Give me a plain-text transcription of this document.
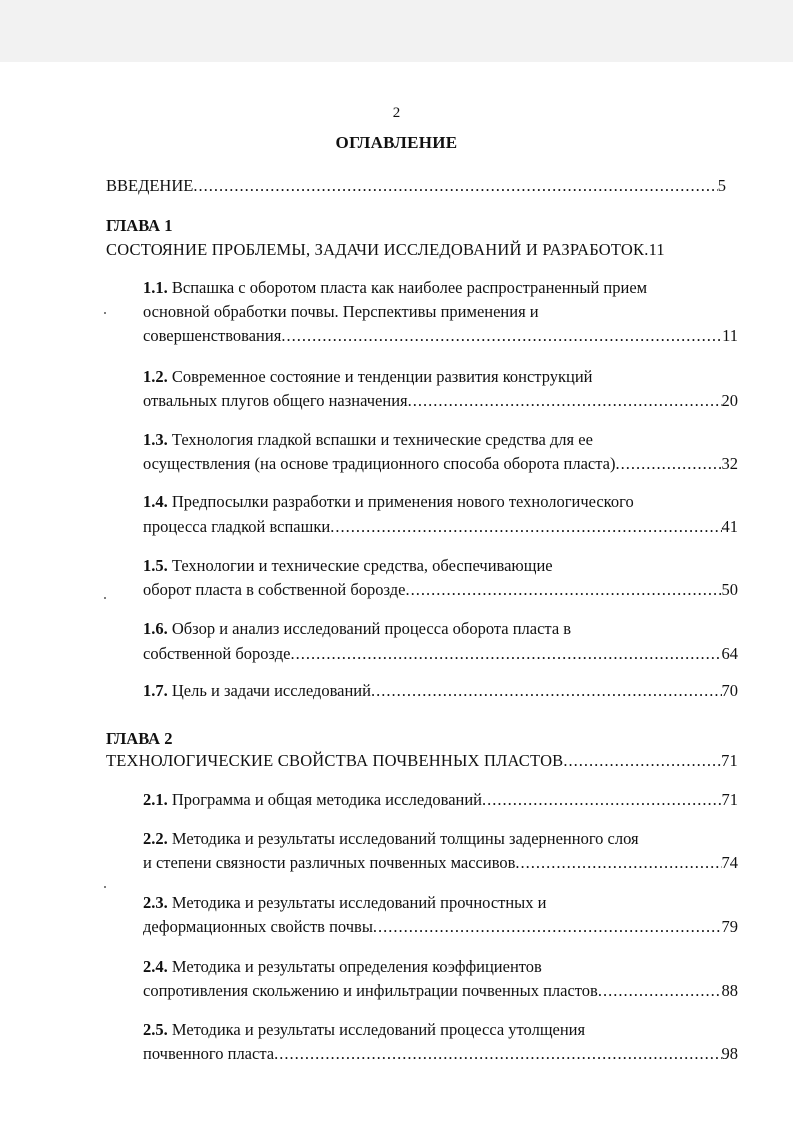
2
ОГЛАВЛЕНИЕ
ВВЕДЕНИЕ .....	5
ГЛАВА 1
СОСТОЯНИЕ ПРОБЛЕМЫ, ЗАДАЧИ ИССЛЕДОВАНИЙ И РАЗРАБОТОК. 11
1.1. Вспашка с оборотом пласта как наиболее распространенный прием
основной обработки почвы. Перспективы применения и
совершенствования .....	11
1.2. Современное состояние и тенденции развития конструкций
отвальных плугов общего назначения .....	20
1.3. Технология гладкой вспашки и технические средства для ее
осуществления (на основе традиционного способа оборота пласта) .....	32
1.4. Предпосылки разработки и применения нового технологического
процесса гладкой вспашки .....	41
1.5. Технологии и технические средства, обеспечивающие
оборот пласта в собственной борозде .....	50
1.6. Обзор и анализ исследований процесса оборота пласта в
собственной борозде .....	64
1.7. Цель и задачи исследований .....	70
ГЛАВА 2
ТЕХНОЛОГИЧЕСКИЕ СВОЙСТВА ПОЧВЕННЫХ ПЛАСТОВ .....	71
2.1. Программа и общая методика исследований .....	71
2.2. Методика и результаты исследований толщины задерненного слоя
и степени связности различных почвенных массивов .....	74
2.3. Методика и результаты исследований прочностных и
деформационных свойств почвы .....	79
2.4. Методика и результаты определения коэффициентов
сопротивления скольжению и инфильтрации почвенных пластов .....	88
2.5. Методика и результаты исследований процесса утолщения
почвенного пласта .....	98
